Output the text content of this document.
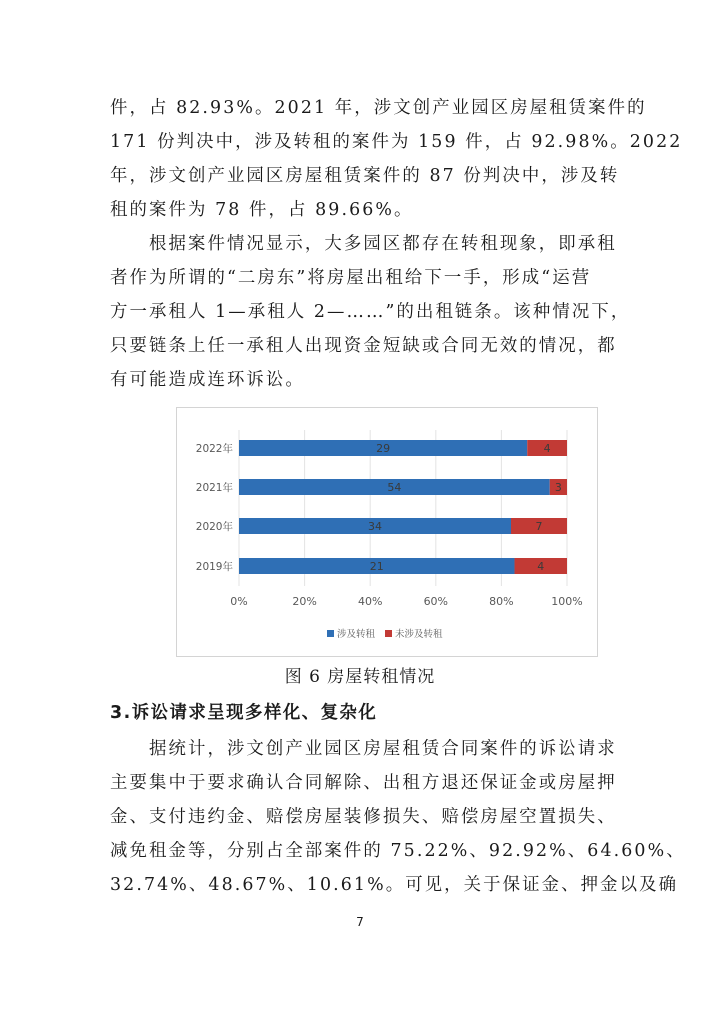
件，占 82.93%。2021 年，涉文创产业园区房屋租赁案件的
171 份判决中，涉及转租的案件为 159 件，占 92.98%。2022
年，涉文创产业园区房屋租赁案件的 87 份判决中，涉及转
租的案件为 78 件，占 89.66%。
　　根据案件情况显示，大多园区都存在转租现象，即承租
者作为所谓的“二房东”将房屋出租给下一手，形成“运营
方一承租人 1—承租人 2—……”的出租链条。该种情况下，
只要链条上任一承租人出现资金短缺或合同无效的情况，都
有可能造成连环诉讼。
29	4
2022年
54	3
2021年
34	7
2020年
21	4
2019年
0%	20%	40%	60%	80%	100%
涉及转租 未涉及转租
图 6 房屋转租情况
3.诉讼请求呈现多样化、复杂化
　　据统计，涉文创产业园区房屋租赁合同案件的诉讼请求
主要集中于要求确认合同解除、出租方退还保证金或房屋押
金、支付违约金、赔偿房屋装修损失、赔偿房屋空置损失、
减免租金等，分别占全部案件的 75.22%、92.92%、64.60%、
32.74%、48.67%、10.61%。可见，关于保证金、押金以及确
7
